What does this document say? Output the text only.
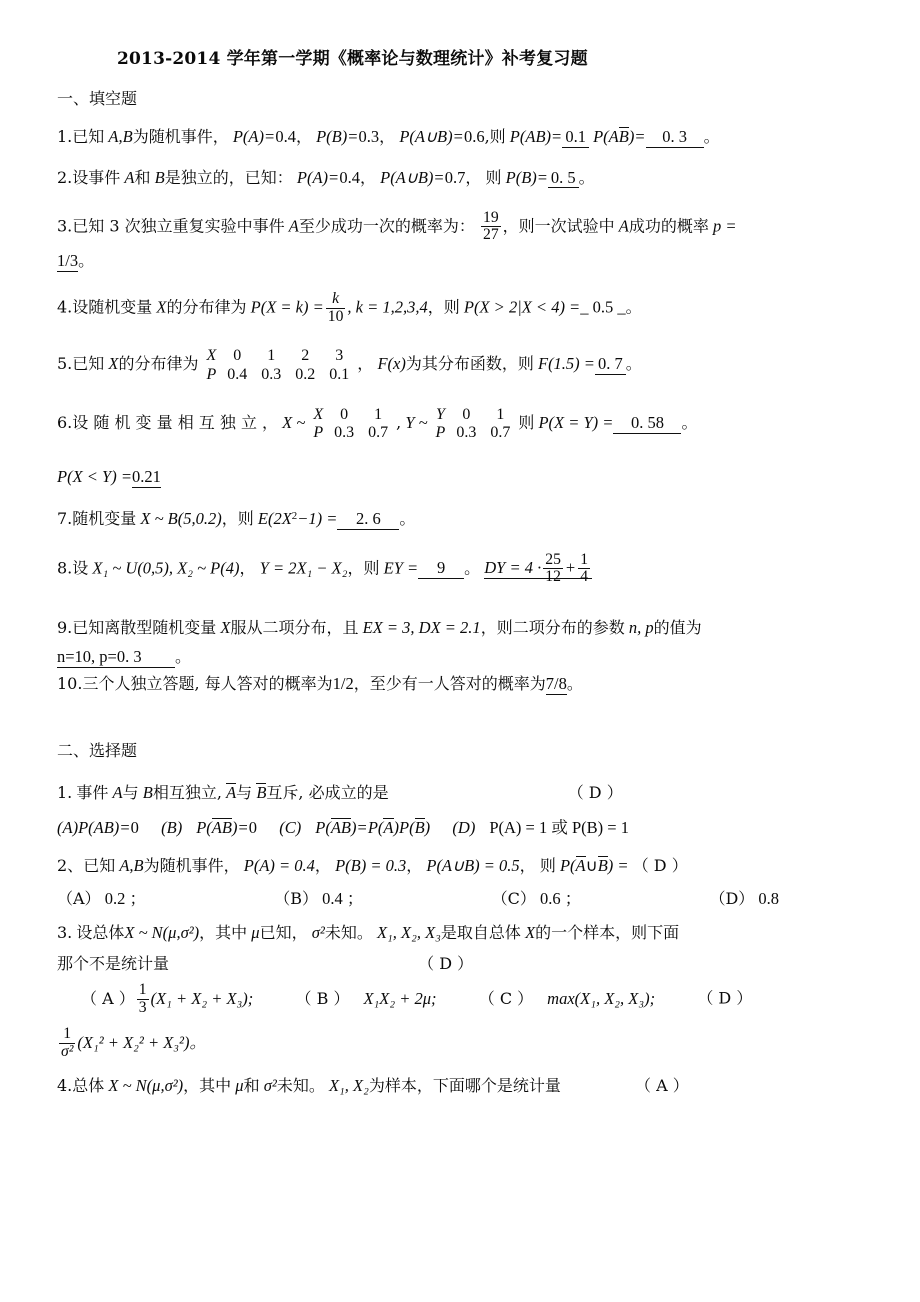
2013-2014 学年第一学期《概率论与数理统计》补考复习题
一、填空题
1.已知 A,B为随机事件， P(A)=0.4， P(B)=0.3， P(A∪B)=0.6,则 P(AB)= 0.1 P(AB)= 0. 3 。
2.设事件 A和 B是独立的，已知： P(A)=0.4， P(A∪B)=0.7， 则 P(B)= 0. 5 。
3.已知 3 次独立重复实验中事件 A至少成功一次的概率为： $\frac{19}{27}$ ，则一次试验中 A成功的概率 p =
1/3。
4.设随机变量 X的分布律为 $P(X = k) = \frac{k}{10}$ , k = 1,2,3,4，则 P(X > 2|X < 4) =_ 0.5 _。
5.已知 X的分布律为 X	0	1	2	3
P	0.4	0.3	0.2	0.1， F(x)为其分布函数，则 F(1.5) = 0. 7 。
6.设 随 机 变 量 相 互 独 立 ， X ~ X	0	1
P	0.3	0.7, Y ~ Y	0	1
P	0.3	0.7则 P(X = Y) = 0. 58 。
P(X < Y) =0.21
7.随机变量 X ~ B(5,0.2)，则 $E(2X^2-1) = 2$. 6 。
8.设 X₁ ~ U(0,5), X₂ ~ P(4)， Y = 2X₁ − X₂，则 EY = 9 。 DY = $4 \cdot \frac{25}{12} + \frac{1}{4}$
9.已知离散型随机变量 X服从二项分布，且 EX = 3, DX = 2.1，则二项分布的参数 n, p的值为
n=10, p=0. 3 。
10.三个人独立答题, 每人答对的概率为1/2，至少有一人答对的概率为7/8。
二、选择题
1. 事件 A与 B相互独立, A与 B互斥, 必成立的是	（ D ）
(A)P(AB)=0 (B) P(AB)=0 (C) P(AB)=P(A)P(B) (D) P(A) = 1 或 P(B) = 1
2、已知 A,B为随机事件， P(A) = 0.4， P(B) = 0.3， P(A∪B) = 0.5， 则 P(A∪B) = （ D ）
（A） 0.2 ；	（B） 0.4 ；	（C） 0.6 ；	（D） 0.8
3. 设总体X ~ N(μ,σ²)，其中 μ已知， σ²未知。 X₁, X₂, X₃是取自总体 X的一个样本，则下面
那个不是统计量	（ D ）
（ A ） $\frac{1}{3} (X_1 + X_2 + X_3)$;	（ B ） X₁X₂ + 2μ;	（ C ） max(X₁, X₂, X₃);	（ D ）
$\frac{1}{\text{σ²}} (X_1^2 + X_2^2 + X_3^2)$。
4.总体 X ~ N(μ,σ²)，其中 μ和 σ²未知。 X₁, X₂为样本，下面哪个是统计量	（ A ）
